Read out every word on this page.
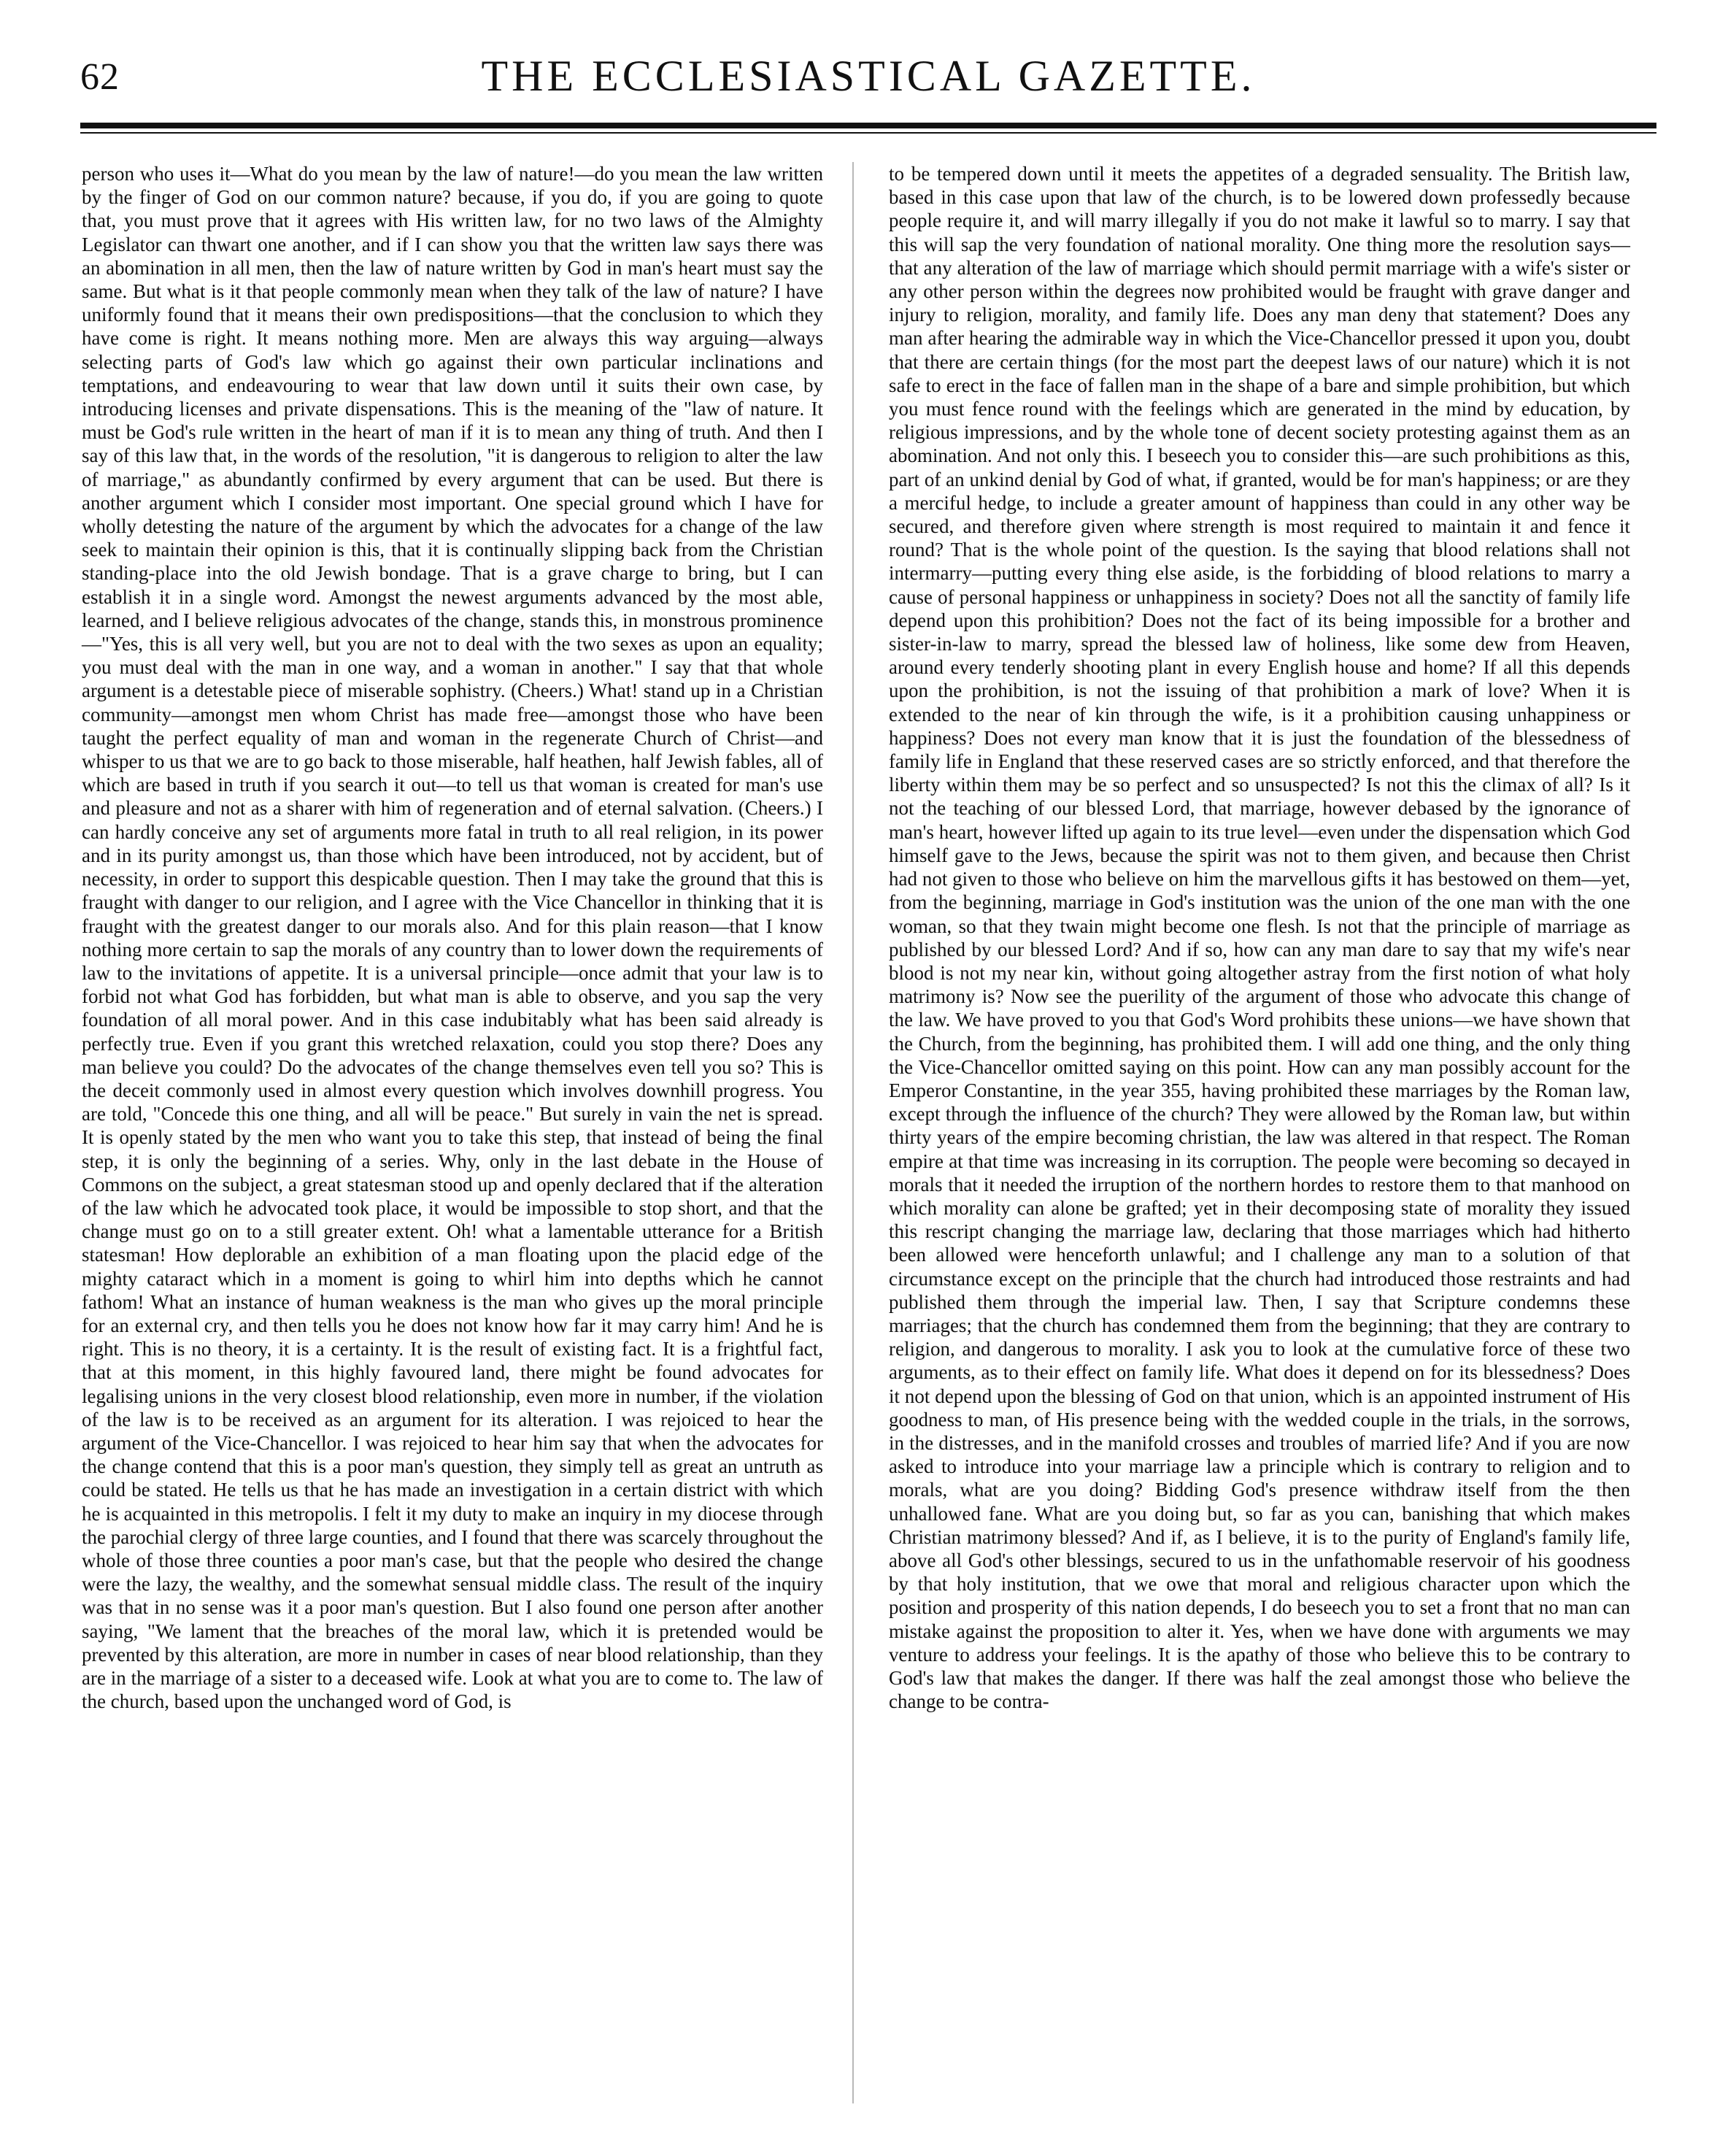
62	THE ECCLESIASTICAL GAZETTE.

person who uses it—What do you mean by the law of nature!—do you mean the law written by the finger of God on our common nature? because, if you do, if you are going to quote that, you must prove that it agrees with His written law, for no two laws of the Almighty Legislator can thwart one another, and if I can show you that the written law says there was an abomination in all men, then the law of nature written by God in man's heart must say the same. But what is it that people commonly mean when they talk of the law of nature? I have uniformly found that it means their own predispositions—that the conclusion to which they have come is right. It means nothing more. Men are always this way arguing—always selecting parts of God's law which go against their own particular inclinations and temptations, and endeavouring to wear that law down until it suits their own case, by introducing licenses and private dispensations. This is the meaning of the "law of nature. It must be God's rule written in the heart of man if it is to mean any thing of truth. And then I say of this law that, in the words of the resolution, "it is dangerous to religion to alter the law of marriage," as abundantly confirmed by every argument that can be used. But there is another argument which I consider most important. One special ground which I have for wholly detesting the nature of the argument by which the advocates for a change of the law seek to maintain their opinion is this, that it is continually slipping back from the Christian standing-place into the old Jewish bondage. That is a grave charge to bring, but I can establish it in a single word. Amongst the newest arguments advanced by the most able, learned, and I believe religious advocates of the change, stands this, in monstrous prominence—"Yes, this is all very well, but you are not to deal with the two sexes as upon an equality; you must deal with the man in one way, and a woman in another." I say that that whole argument is a detestable piece of miserable sophistry. (Cheers.) What! stand up in a Christian community—amongst men whom Christ has made free—amongst those who have been taught the perfect equality of man and woman in the regenerate Church of Christ—and whisper to us that we are to go back to those miserable, half heathen, half Jewish fables, all of which are based in truth if you search it out—to tell us that woman is created for man's use and pleasure and not as a sharer with him of regeneration and of eternal salvation. (Cheers.) I can hardly conceive any set of arguments more fatal in truth to all real religion, in its power and in its purity amongst us, than those which have been introduced, not by accident, but of necessity, in order to support this despicable question. Then I may take the ground that this is fraught with danger to our religion, and I agree with the Vice Chancellor in thinking that it is fraught with the greatest danger to our morals also. And for this plain reason—that I know nothing more certain to sap the morals of any country than to lower down the requirements of law to the invitations of appetite. It is a universal principle—once admit that your law is to forbid not what God has forbidden, but what man is able to observe, and you sap the very foundation of all moral power. And in this case indubitably what has been said already is perfectly true. Even if you grant this wretched relaxation, could you stop there? Does any man believe you could? Do the advocates of the change themselves even tell you so? This is the deceit commonly used in almost every question which involves downhill progress. You are told, "Concede this one thing, and all will be peace." But surely in vain the net is spread. It is openly stated by the men who want you to take this step, that instead of being the final step, it is only the beginning of a series. Why, only in the last debate in the House of Commons on the subject, a great statesman stood up and openly declared that if the alteration of the law which he advocated took place, it would be impossible to stop short, and that the change must go on to a still greater extent. Oh! what a lamentable utterance for a British statesman! How deplorable an exhibition of a man floating upon the placid edge of the mighty cataract which in a moment is going to whirl him into depths which he cannot fathom! What an instance of human weakness is the man who gives up the moral principle for an external cry, and then tells you he does not know how far it may carry him! And he is right. This is no theory, it is a certainty. It is the result of existing fact. It is a frightful fact, that at this moment, in this highly favoured land, there might be found advocates for legalising unions in the very closest blood relationship, even more in number, if the violation of the law is to be received as an argument for its alteration. I was rejoiced to hear the argument of the Vice-Chancellor. I was rejoiced to hear him say that when the advocates for the change contend that this is a poor man's question, they simply tell as great an untruth as could be stated. He tells us that he has made an investigation in a certain district with which he is acquainted in this metropolis. I felt it my duty to make an inquiry in my diocese through the parochial clergy of three large counties, and I found that there was scarcely throughout the whole of those three counties a poor man's case, but that the people who desired the change were the lazy, the wealthy, and the somewhat sensual middle class. The result of the inquiry was that in no sense was it a poor man's question. But I also found one person after another saying, "We lament that the breaches of the moral law, which it is pretended would be prevented by this alteration, are more in number in cases of near blood relationship, than they are in the marriage of a sister to a deceased wife. Look at what you are to come to. The law of the church, based upon the unchanged word of God, is

to be tempered down until it meets the appetites of a degraded sensuality. The British law, based in this case upon that law of the church, is to be lowered down professedly because people require it, and will marry illegally if you do not make it lawful so to marry. I say that this will sap the very foundation of national morality. One thing more the resolution says—that any alteration of the law of marriage which should permit marriage with a wife's sister or any other person within the degrees now prohibited would be fraught with grave danger and injury to religion, morality, and family life. Does any man deny that statement? Does any man after hearing the admirable way in which the Vice-Chancellor pressed it upon you, doubt that there are certain things (for the most part the deepest laws of our nature) which it is not safe to erect in the face of fallen man in the shape of a bare and simple prohibition, but which you must fence round with the feelings which are generated in the mind by education, by religious impressions, and by the whole tone of decent society protesting against them as an abomination. And not only this. I beseech you to consider this—are such prohibitions as this, part of an unkind denial by God of what, if granted, would be for man's happiness; or are they a merciful hedge, to include a greater amount of happiness than could in any other way be secured, and therefore given where strength is most required to maintain it and fence it round? That is the whole point of the question. Is the saying that blood relations shall not intermarry—putting every thing else aside, is the forbidding of blood relations to marry a cause of personal happiness or unhappiness in society? Does not all the sanctity of family life depend upon this prohibition? Does not the fact of its being impossible for a brother and sister-in-law to marry, spread the blessed law of holiness, like some dew from Heaven, around every tenderly shooting plant in every English house and home? If all this depends upon the prohibition, is not the issuing of that prohibition a mark of love? When it is extended to the near of kin through the wife, is it a prohibition causing unhappiness or happiness? Does not every man know that it is just the foundation of the blessedness of family life in England that these reserved cases are so strictly enforced, and that therefore the liberty within them may be so perfect and so unsuspected? Is not this the climax of all? Is it not the teaching of our blessed Lord, that marriage, however debased by the ignorance of man's heart, however lifted up again to its true level—even under the dispensation which God himself gave to the Jews, because the spirit was not to them given, and because then Christ had not given to those who believe on him the marvellous gifts it has bestowed on them—yet, from the beginning, marriage in God's institution was the union of the one man with the one woman, so that they twain might become one flesh. Is not that the principle of marriage as published by our blessed Lord? And if so, how can any man dare to say that my wife's near blood is not my near kin, without going altogether astray from the first notion of what holy matrimony is? Now see the puerility of the argument of those who advocate this change of the law. We have proved to you that God's Word prohibits these unions—we have shown that the Church, from the beginning, has prohibited them. I will add one thing, and the only thing the Vice-Chancellor omitted saying on this point. How can any man possibly account for the Emperor Constantine, in the year 355, having prohibited these marriages by the Roman law, except through the influence of the church? They were allowed by the Roman law, but within thirty years of the empire becoming christian, the law was altered in that respect. The Roman empire at that time was increasing in its corruption. The people were becoming so decayed in morals that it needed the irruption of the northern hordes to restore them to that manhood on which morality can alone be grafted; yet in their decomposing state of morality they issued this rescript changing the marriage law, declaring that those marriages which had hitherto been allowed were henceforth unlawful; and I challenge any man to a solution of that circumstance except on the principle that the church had introduced those restraints and had published them through the imperial law. Then, I say that Scripture condemns these marriages; that the church has condemned them from the beginning; that they are contrary to religion, and dangerous to morality. I ask you to look at the cumulative force of these two arguments, as to their effect on family life. What does it depend on for its blessedness? Does it not depend upon the blessing of God on that union, which is an appointed instrument of His goodness to man, of His presence being with the wedded couple in the trials, in the sorrows, in the distresses, and in the manifold crosses and troubles of married life? And if you are now asked to introduce into your marriage law a principle which is contrary to religion and to morals, what are you doing? Bidding God's presence withdraw itself from the then unhallowed fane. What are you doing but, so far as you can, banishing that which makes Christian matrimony blessed? And if, as I believe, it is to the purity of England's family life, above all God's other blessings, secured to us in the unfathomable reservoir of his goodness by that holy institution, that we owe that moral and religious character upon which the position and prosperity of this nation depends, I do beseech you to set a front that no man can mistake against the proposition to alter it. Yes, when we have done with arguments we may venture to address your feelings. It is the apathy of those who believe this to be contrary to God's law that makes the danger. If there was half the zeal amongst those who believe the change to be contra-
